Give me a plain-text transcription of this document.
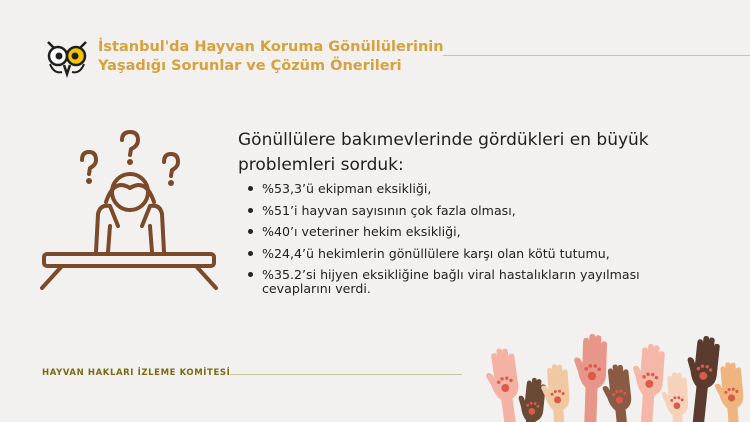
İstanbul'da Hayvan Koruma Gönüllülerinin
Yaşadığı Sorunlar ve Çözüm Önerileri
Gönüllülere bakımevlerinde gördükleri en büyük problemleri sorduk:
%53,3’ü ekipman eksikliği,
%51’i hayvan sayısının çok fazla olması,
%40’ı veteriner hekim eksikliği,
%24,4’ü hekimlerin gönüllülere karşı olan kötü tutumu,
%35.2’si hijyen eksikliğine bağlı viral hastalıkların yayılması
cevaplarını verdi.
HAYVAN HAKLARI İZLEME KOMİTESİ
